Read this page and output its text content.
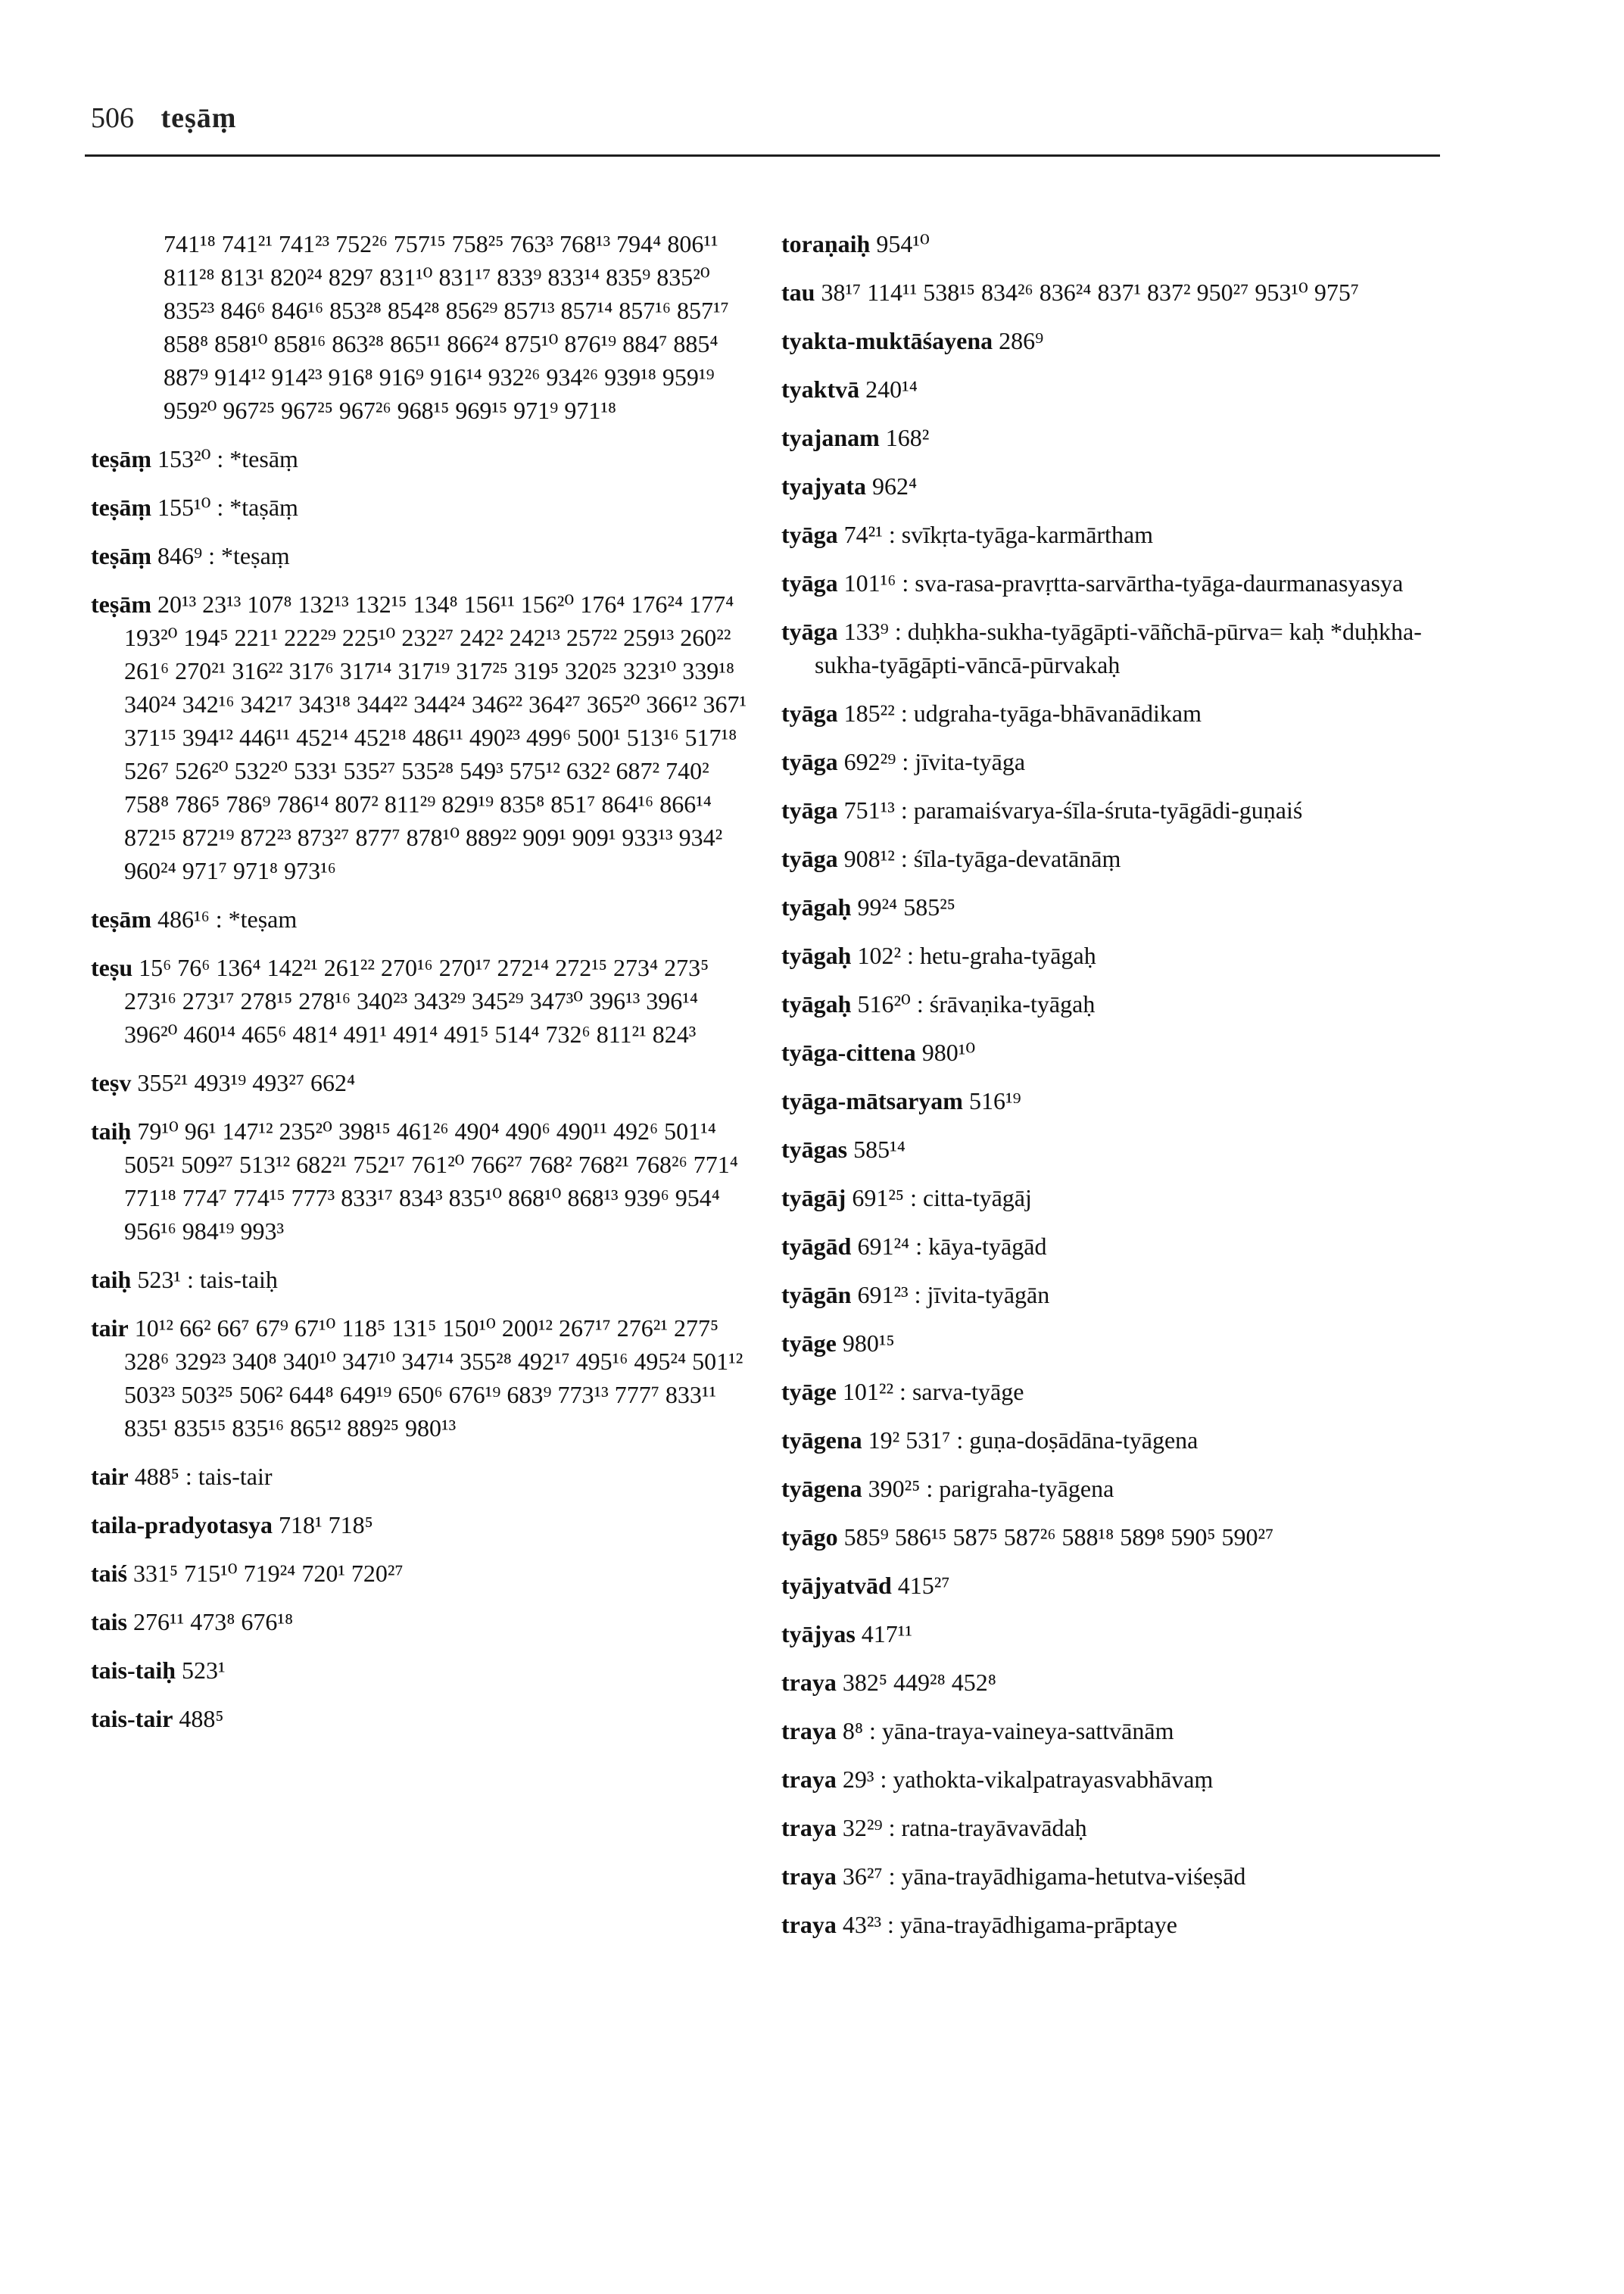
506 teṣāṃ
741¹⁸ 741²¹ 741²³ 752²⁶ 757¹⁵ 758²⁵ 763³ 768¹³ 794⁴ 806¹¹ 811²⁸ 813¹ 820²⁴ 829⁷ 831¹⁰ 831¹⁷ 833⁹ 833¹⁴ 835⁹ 835²⁰ 835²³ 846⁶ 846¹⁶ 853²⁸ 854²⁸ 856²⁹ 857¹³ 857¹⁴ 857¹⁶ 857¹⁷ 858⁸ 858¹⁰ 858¹⁶ 863²⁸ 865¹¹ 866²⁴ 875¹⁰ 876¹⁹ 884⁷ 885⁴ 887⁹ 914¹² 914²³ 916⁸ 916⁹ 916¹⁴ 932²⁶ 934²⁶ 939¹⁸ 959¹⁹ 959²⁰ 967²⁵ 967²⁵ 967²⁶ 968¹⁵ 969¹⁵ 971⁹ 971¹⁸
teṣāṃ 153²⁰ : *tesāṃ
teṣāṃ 155¹⁰ : *taṣāṃ
teṣāṃ 846⁹ : *teṣaṃ
teṣām 20¹³ 23¹³ 107⁸ 132¹³ 132¹⁵ 134⁸ 156¹¹ 156²⁰ 176⁴ 176²⁴ 177⁴ 193²⁰ 194⁵ 221¹ 222²⁹ 225¹⁰ 232²⁷ 242² 242¹³ 257²² 259¹³ 260²² 261⁶ 270²¹ 316²² 317⁶ 317¹⁴ 317¹⁹ 317²⁵ 319⁵ 320²⁵ 323¹⁰ 339¹⁸ 340²⁴ 342¹⁶ 342¹⁷ 343¹⁸ 344²² 344²⁴ 346²² 364²⁷ 365²⁰ 366¹² 367¹ 371¹⁵ 394¹² 446¹¹ 452¹⁴ 452¹⁸ 486¹¹ 490²³ 499⁶ 500¹ 513¹⁶ 517¹⁸ 526⁷ 526²⁰ 532²⁰ 533¹ 535²⁷ 535²⁸ 549³ 575¹² 632² 687² 740² 758⁸ 786⁵ 786⁹ 786¹⁴ 807² 811²⁹ 829¹⁹ 835⁸ 851⁷ 864¹⁶ 866¹⁴ 872¹⁵ 872¹⁹ 872²³ 873²⁷ 877⁷ 878¹⁰ 889²² 909¹ 909¹ 933¹³ 934² 960²⁴ 971⁷ 971⁸ 973¹⁶
teṣām 486¹⁶ : *teṣam
teṣu 15⁶ 76⁶ 136⁴ 142²¹ 261²² 270¹⁶ 270¹⁷ 272¹⁴ 272¹⁵ 273⁴ 273⁵ 273¹⁶ 273¹⁷ 278¹⁵ 278¹⁶ 340²³ 343²⁹ 345²⁹ 347³⁰ 396¹³ 396¹⁴ 396²⁰ 460¹⁴ 465⁶ 481⁴ 491¹ 491⁴ 491⁵ 514⁴ 732⁶ 811²¹ 824³
teṣv 355²¹ 493¹⁹ 493²⁷ 662⁴
taiḥ 79¹⁰ 96¹ 147¹² 235²⁰ 398¹⁵ 461²⁶ 490⁴ 490⁶ 490¹¹ 492⁶ 501¹⁴ 505²¹ 509²⁷ 513¹² 682²¹ 752¹⁷ 761²⁰ 766²⁷ 768² 768²¹ 768²⁶ 771⁴ 771¹⁸ 774⁷ 774¹⁵ 777³ 833¹⁷ 834³ 835¹⁰ 868¹⁰ 868¹³ 939⁶ 954⁴ 956¹⁶ 984¹⁹ 993³
taiḥ 523¹ : tais-taiḥ
tair 10¹² 66² 66⁷ 67⁹ 67¹⁰ 118⁵ 131⁵ 150¹⁰ 200¹² 267¹⁷ 276²¹ 277⁵ 328⁶ 329²³ 340⁸ 340¹⁰ 347¹⁰ 347¹⁴ 355²⁸ 492¹⁷ 495¹⁶ 495²⁴ 501¹² 503²³ 503²⁵ 506² 644⁸ 649¹⁹ 650⁶ 676¹⁹ 683⁹ 773¹³ 777⁷ 833¹¹ 835¹ 835¹⁵ 835¹⁶ 865¹² 889²⁵ 980¹³
tair 488⁵ : tais-tair
taila-pradyotasya 718¹ 718⁵
taiś 331⁵ 715¹⁰ 719²⁴ 720¹ 720²⁷
tais 276¹¹ 473⁸ 676¹⁸
tais-taiḥ 523¹
tais-tair 488⁵
toraṇaiḥ 954¹⁰
tau 38¹⁷ 114¹¹ 538¹⁵ 834²⁶ 836²⁴ 837¹ 837² 950²⁷ 953¹⁰ 975⁷
tyakta-muktāśayena 286⁹
tyaktvā 240¹⁴
tyajanam 168²
tyajyata 962⁴
tyāga 74²¹ : svīkṛta-tyāga-karmārtham
tyāga 101¹⁶ : sva-rasa-pravṛtta-sarvārtha-tyāga-daurmanasyasya
tyāga 133⁹ : duḥkha-sukha-tyāgāpti-vāñchā-pūrva= kaḥ *duḥkha-sukha-tyāgāpti-vāncā-pūrvakaḥ
tyāga 185²² : udgraha-tyāga-bhāvanādikam
tyāga 692²⁹ : jīvita-tyāga
tyāga 751¹³ : paramaiśvarya-śīla-śruta-tyāgādi-guṇaiś
tyāga 908¹² : śīla-tyāga-devatānāṃ
tyāgaḥ 99²⁴ 585²⁵
tyāgaḥ 102² : hetu-graha-tyāgaḥ
tyāgaḥ 516²⁰ : śrāvaṇika-tyāgaḥ
tyāga-cittena 980¹⁰
tyāga-mātsaryam 516¹⁹
tyāgas 585¹⁴
tyāgāj 691²⁵ : citta-tyāgāj
tyāgād 691²⁴ : kāya-tyāgād
tyāgān 691²³ : jīvita-tyāgān
tyāge 980¹⁵
tyāge 101²² : sarva-tyāge
tyāgena 19² 531⁷ : guṇa-doṣādāna-tyāgena
tyāgena 390²⁵ : parigraha-tyāgena
tyāgo 585⁹ 586¹⁵ 587⁵ 587²⁶ 588¹⁸ 589⁸ 590⁵ 590²⁷
tyājyatvād 415²⁷
tyājyas 417¹¹
traya 382⁵ 449²⁸ 452⁸
traya 8⁸ : yāna-traya-vaineya-sattvānām
traya 29³ : yathokta-vikalpatrayasvabhāvaṃ
traya 32²⁹ : ratna-trayāvavādaḥ
traya 36²⁷ : yāna-trayādhigama-hetutva-viśeṣād
traya 43²³ : yāna-trayādhigama-prāptaye
